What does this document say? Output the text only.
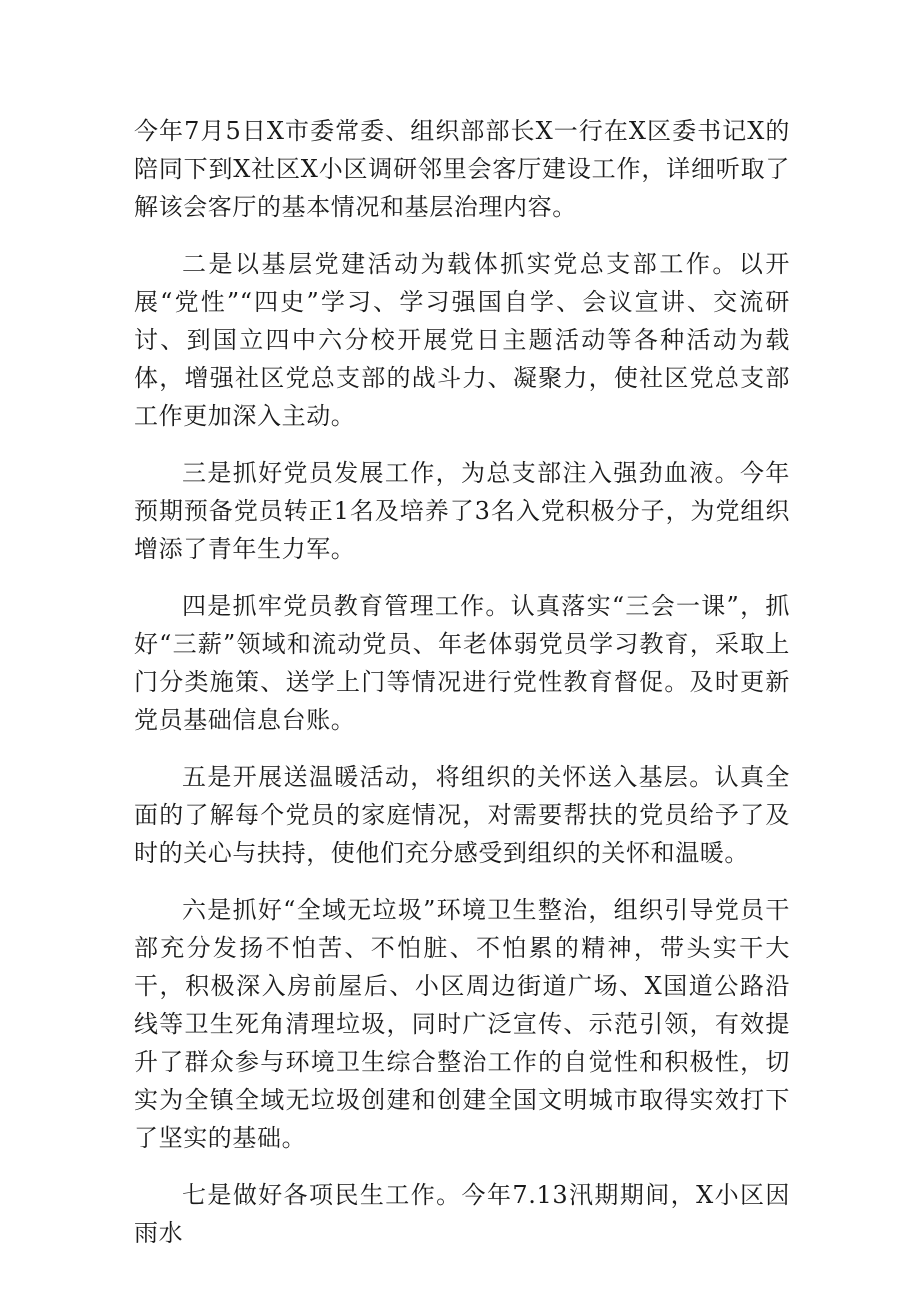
今年7月5日X市委常委、组织部部长X一行在X区委书记X的陪同下到X社区X小区调研邻里会客厅建设工作，详细听取了解该会客厅的基本情况和基层治理内容。

二是以基层党建活动为载体抓实党总支部工作。以开展“党性”“四史”学习、学习强国自学、会议宣讲、交流研讨、到国立四中六分校开展党日主题活动等各种活动为载体，增强社区党总支部的战斗力、凝聚力，使社区党总支部工作更加深入主动。

三是抓好党员发展工作，为总支部注入强劲血液。今年预期预备党员转正1名及培养了3名入党积极分子，为党组织增添了青年生力军。

四是抓牢党员教育管理工作。认真落实“三会一课”，抓好“三薪”领域和流动党员、年老体弱党员学习教育，采取上门分类施策、送学上门等情况进行党性教育督促。及时更新党员基础信息台账。

五是开展送温暖活动，将组织的关怀送入基层。认真全面的了解每个党员的家庭情况，对需要帮扶的党员给予了及时的关心与扶持，使他们充分感受到组织的关怀和温暖。

六是抓好“全域无垃圾”环境卫生整治，组织引导党员干部充分发扬不怕苦、不怕脏、不怕累的精神，带头实干大干，积极深入房前屋后、小区周边街道广场、X国道公路沿线等卫生死角清理垃圾，同时广泛宣传、示范引领，有效提升了群众参与环境卫生综合整治工作的自觉性和积极性，切实为全镇全域无垃圾创建和创建全国文明城市取得实效打下了坚实的基础。

七是做好各项民生工作。今年7.13汛期期间，X小区因雨水
